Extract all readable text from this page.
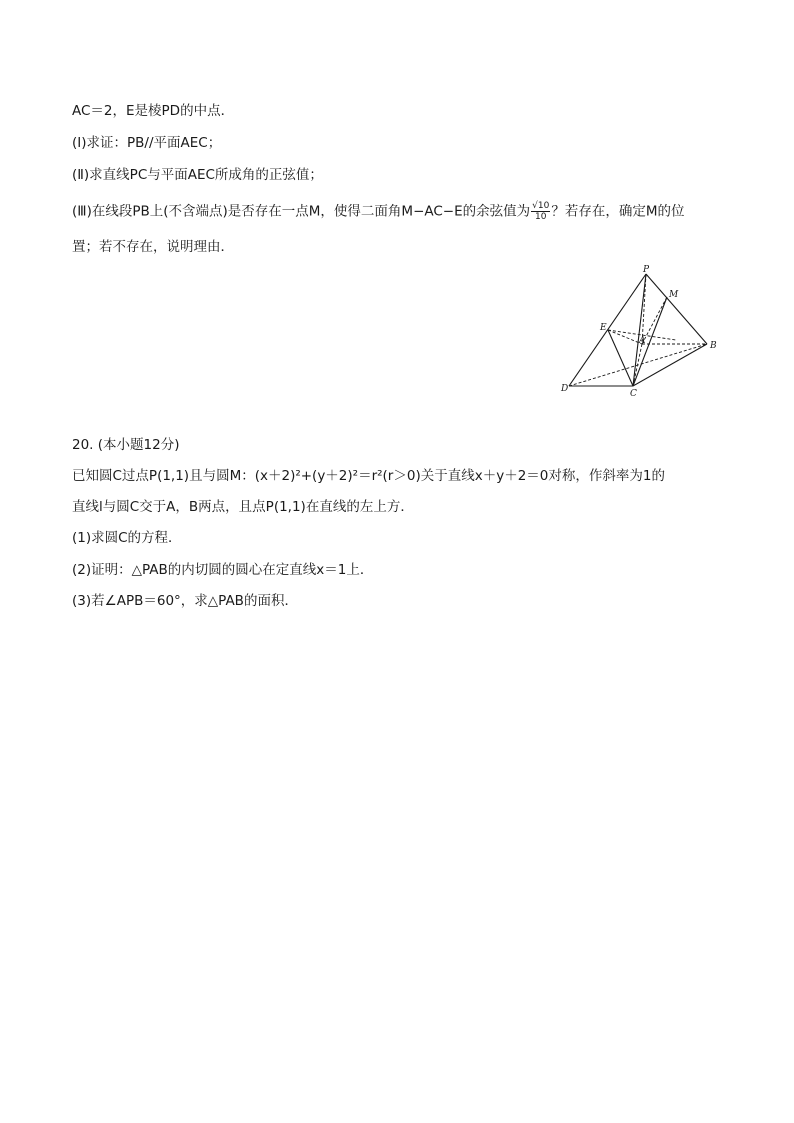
AC＝2，E是棱PD的中点．
(Ⅰ)求证：PB//平面AEC；
(Ⅱ)求直线PC与平面AEC所成角的正弦值；
(Ⅲ)在线段PB上(不含端点)是否存在一点M，使得二面角M−AC−E的余弦值为 $\frac{√10}{10}$ ？若存在，确定M的位
置；若不存在，说明理由．
P
M
E
A	B
D	C
20. (本小题12分)
已知圆C过点P(1,1)且与圆M：(x＋2)²+(y＋2)²＝r²(r＞0)关于直线x＋y＋2＝0对称，作斜率为1的
直线l与圆C交于A，B两点，且点P(1,1)在直线的左上方．
(1)求圆C的方程．
(2)证明：△PAB的内切圆的圆心在定直线x＝1上．
(3)若∠APB＝60°，求△PAB的面积．
